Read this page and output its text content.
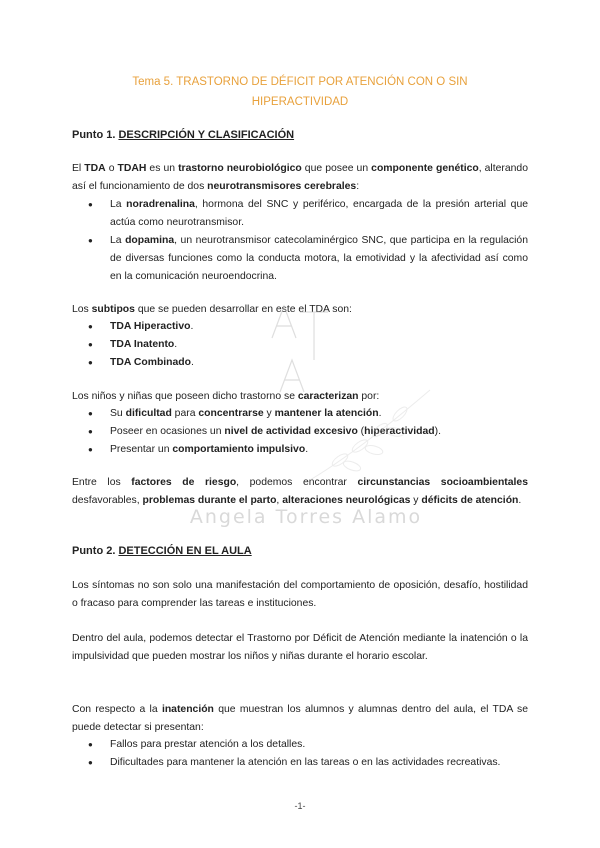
Tema 5. TRASTORNO DE DÉFICIT POR ATENCIÓN CON O SIN
HIPERACTIVIDAD
Punto 1. DESCRIPCIÓN Y CLASIFICACIÓN
El TDA o TDAH es un trastorno neurobiológico que posee un componente genético, alterando así el funcionamiento de dos neurotransmisores cerebrales:
● La noradrenalina, hormona del SNC y periférico, encargada de la presión arterial que actúa como neurotransmisor.
● La dopamina, un neurotransmisor catecolaminérgico SNC, que participa en la regulación de diversas funciones como la conducta motora, la emotividad y la afectividad así como en la comunicación neuroendocrina.
Los subtipos que se pueden desarrollar en este el TDA son:
● TDA Hiperactivo.
● TDA Inatento.
● TDA Combinado.
Los niños y niñas que poseen dicho trastorno se caracterizan por:
● Su dificultad para concentrarse y mantener la atención.
● Poseer en ocasiones un nivel de actividad excesivo (hiperactividad).
● Presentar un comportamiento impulsivo.
Entre los factores de riesgo, podemos encontrar circunstancias socioambientales desfavorables, problemas durante el parto, alteraciones neurológicas y déficits de atención.
Angela Torres Alamo
Punto 2. DETECCIÓN EN EL AULA
Los síntomas no son solo una manifestación del comportamiento de oposición, desafío, hostilidad o fracaso para comprender las tareas e instituciones.
Dentro del aula, podemos detectar el Trastorno por Déficit de Atención mediante la inatención o la impulsividad que pueden mostrar los niños y niñas durante el horario escolar.
Con respecto a la inatención que muestran los alumnos y alumnas dentro del aula, el TDA se puede detectar si presentan:
● Fallos para prestar atención a los detalles.
● Dificultades para mantener la atención en las tareas o en las actividades recreativas.
-1-
